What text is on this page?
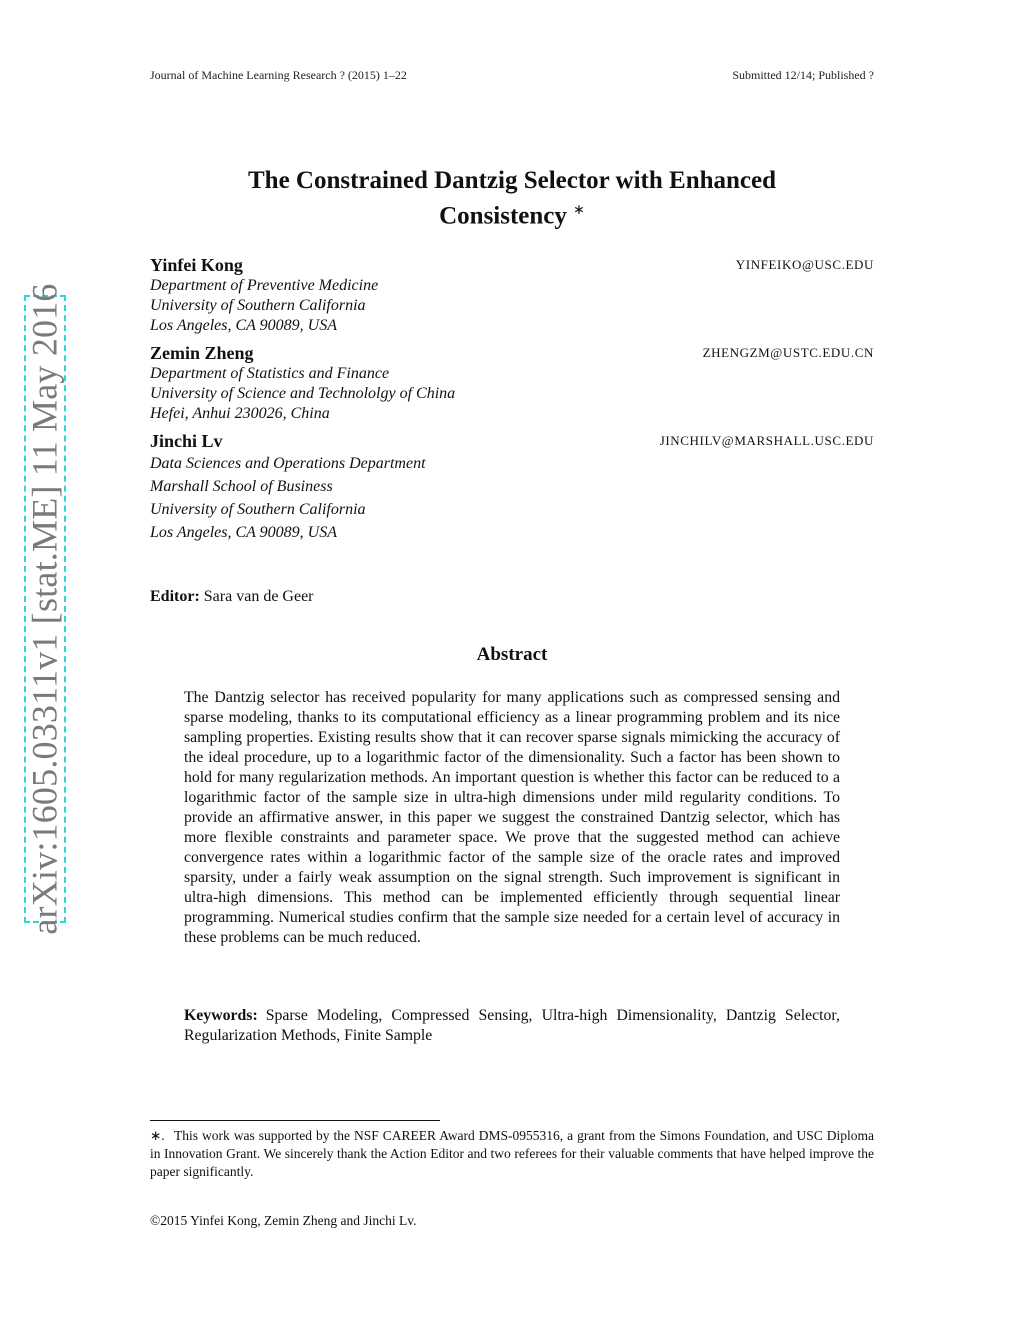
Journal of Machine Learning Research ? (2015) 1–22	Submitted 12/14; Published ?
arXiv:1605.03311v1 [stat.ME] 11 May 2016
The Constrained Dantzig Selector with Enhanced
Consistency ∗
Yinfei Kong	YINFEIKO@USC.EDU
Department of Preventive Medicine
University of Southern California
Los Angeles, CA 90089, USA
Zemin Zheng	ZHENGZM@USTC.EDU.CN
Department of Statistics and Finance
University of Science and Technololgy of China
Hefei, Anhui 230026, China
Jinchi Lv	JINCHILV@MARSHALL.USC.EDU
Data Sciences and Operations Department
Marshall School of Business
University of Southern California
Los Angeles, CA 90089, USA
Editor: Sara van de Geer
Abstract

The Dantzig selector has received popularity for many applications such as compressed sensing and sparse modeling, thanks to its computational efficiency as a linear programming problem and its nice sampling properties. Existing results show that it can recover sparse signals mimicking the accuracy of the ideal procedure, up to a logarithmic factor of the dimensionality. Such a factor has been shown to hold for many regularization methods. An important question is whether this factor can be reduced to a logarithmic factor of the sample size in ultra-high dimensions under mild regularity conditions. To provide an affirmative answer, in this paper we suggest the constrained Dantzig selector, which has more flexible constraints and parameter space. We prove that the suggested method can achieve convergence rates within a logarithmic factor of the sample size of the oracle rates and improved sparsity, under a fairly weak assumption on the signal strength. Such improvement is significant in ultra-high dimensions. This method can be implemented efficiently through sequential linear programming. Numerical studies confirm that the sample size needed for a certain level of accuracy in these problems can be much reduced.

Keywords: Sparse Modeling, Compressed Sensing, Ultra-high Dimensionality, Dantzig Selector, Regularization Methods, Finite Sample
∗. This work was supported by the NSF CAREER Award DMS-0955316, a grant from the Simons Foundation, and USC Diploma in Innovation Grant. We sincerely thank the Action Editor and two referees for their valuable comments that have helped improve the paper significantly.
©2015 Yinfei Kong, Zemin Zheng and Jinchi Lv.
